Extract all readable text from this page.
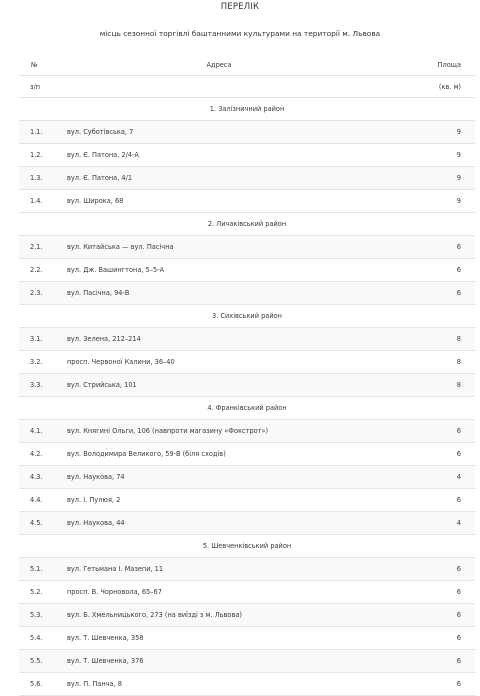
ПЕРЕЛІК
місць сезонної торгівлі баштанними культурами на території м. Львова
№	Адреса	Площа
з/п	(кв. м)
1. Залізничний район
1.1.	вул. Суботівська, 7	9
1.2.	вул. Є. Патона, 2/4-А	9
1.3.	вул. Є. Патона, 4/1	9
1.4.	вул. Широка, 68	9
2. Личаківський район
2.1.	вул. Китайська — вул. Пасічна	6
2.2.	вул. Дж. Вашингтона, 5–5-А	6
2.3.	вул. Пасічна, 94-В	6
3. Сихівський район
3.1.	вул. Зелена, 212–214	8
3.2.	просп. Червоної Калини, 36–40	8
3.3.	вул. Стрийська, 101	8
4. Франківський район
4.1.	вул. Княгині Ольги, 106 (навпроти магазину «Фокстрот»)	6
4.2.	вул. Володимира Великого, 59-В (біля сходів)	6
4.3.	вул. Наукова, 74	4
4.4.	вул. І. Пулюя, 2	6
4.5.	вул. Наукова, 44	4
5. Шевченківський район
5.1.	вул. Гетьмана І. Мазепи, 11	6
5.2.	просп. В. Чорновола, 65–67	6
5.3.	вул. Б. Хмельницького, 273 (на виїзді з м. Львова)	6
5.4.	вул. Т. Шевченка, 358	6
5.5.	вул. Т. Шевченка, 376	6
5.6.	вул. П. Панча, 8	6
